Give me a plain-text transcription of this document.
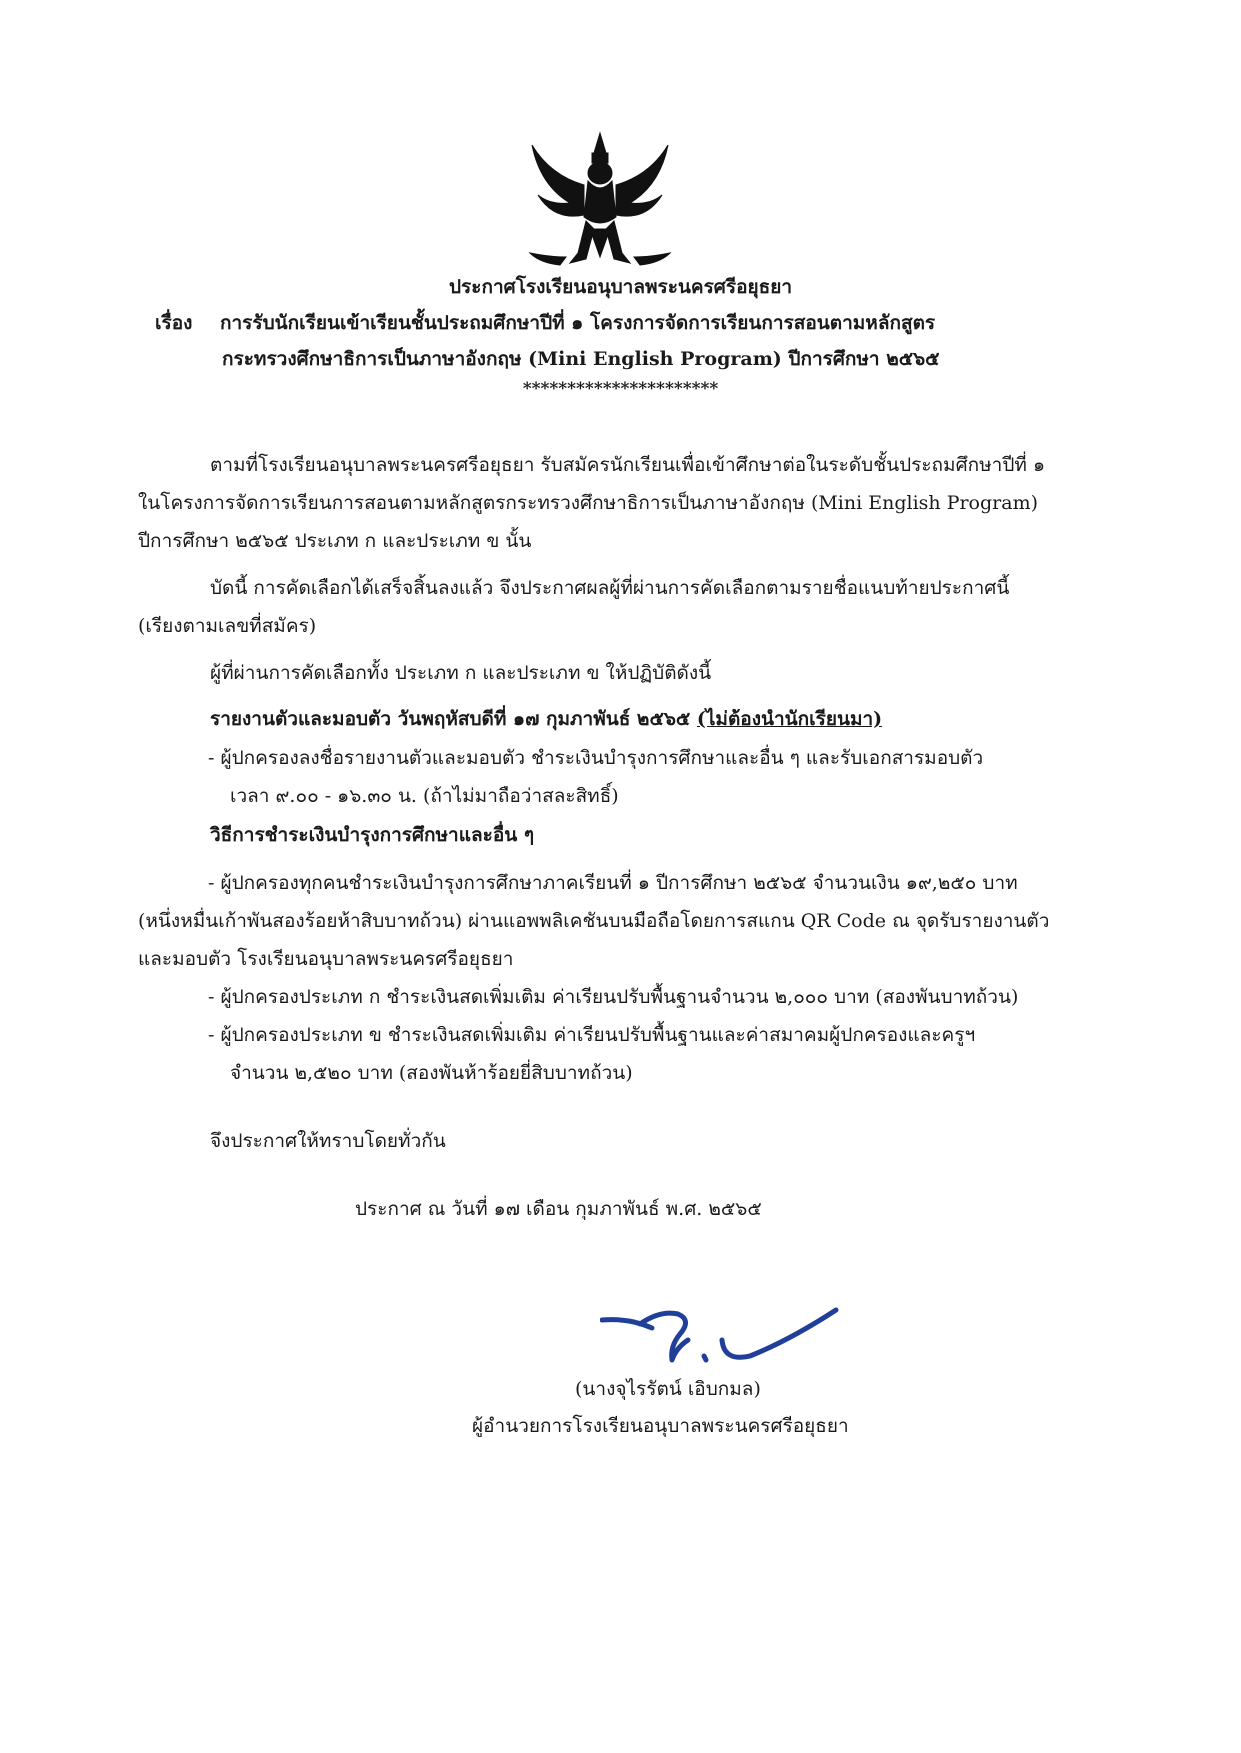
ประกาศโรงเรียนอนุบาลพระนครศรีอยุธยา
เรื่อง การรับนักเรียนเข้าเรียนชั้นประถมศึกษาปีที่ ๑ โครงการจัดการเรียนการสอนตามหลักสูตร
กระทรวงศึกษาธิการเป็นภาษาอังกฤษ (Mini English Program) ปีการศึกษา ๒๕๖๕
**********************
ตามที่โรงเรียนอนุบาลพระนครศรีอยุธยา รับสมัครนักเรียนเพื่อเข้าศึกษาต่อในระดับชั้นประถมศึกษาปีที่ ๑
ในโครงการจัดการเรียนการสอนตามหลักสูตรกระทรวงศึกษาธิการเป็นภาษาอังกฤษ (Mini English Program)
ปีการศึกษา ๒๕๖๕ ประเภท ก และประเภท ข นั้น
บัดนี้ การคัดเลือกได้เสร็จสิ้นลงแล้ว จึงประกาศผลผู้ที่ผ่านการคัดเลือกตามรายชื่อแนบท้ายประกาศนี้
(เรียงตามเลขที่สมัคร)
ผู้ที่ผ่านการคัดเลือกทั้ง ประเภท ก และประเภท ข ให้ปฏิบัติดังนี้
รายงานตัวและมอบตัว วันพฤหัสบดีที่ ๑๗ กุมภาพันธ์ ๒๕๖๕ (ไม่ต้องนำนักเรียนมา)
- ผู้ปกครองลงชื่อรายงานตัวและมอบตัว ชำระเงินบำรุงการศึกษาและอื่น ๆ และรับเอกสารมอบตัว
เวลา ๙.๐๐ - ๑๖.๓๐ น. (ถ้าไม่มาถือว่าสละสิทธิ์)
วิธีการชำระเงินบำรุงการศึกษาและอื่น ๆ
- ผู้ปกครองทุกคนชำระเงินบำรุงการศึกษาภาคเรียนที่ ๑ ปีการศึกษา ๒๕๖๕ จำนวนเงิน ๑๙,๒๕๐ บาท
(หนึ่งหมื่นเก้าพันสองร้อยห้าสิบบาทถ้วน) ผ่านแอพพลิเคชันบนมือถือโดยการสแกน QR Code ณ จุดรับรายงานตัว
และมอบตัว โรงเรียนอนุบาลพระนครศรีอยุธยา
- ผู้ปกครองประเภท ก ชำระเงินสดเพิ่มเติม ค่าเรียนปรับพื้นฐานจำนวน ๒,๐๐๐ บาท (สองพันบาทถ้วน)
- ผู้ปกครองประเภท ข ชำระเงินสดเพิ่มเติม ค่าเรียนปรับพื้นฐานและค่าสมาคมผู้ปกครองและครูฯ
จำนวน ๒,๕๒๐ บาท (สองพันห้าร้อยยี่สิบบาทถ้วน)
จึงประกาศให้ทราบโดยทั่วกัน
ประกาศ ณ วันที่ ๑๗ เดือน กุมภาพันธ์ พ.ศ. ๒๕๖๕
(นางจุไรรัตน์ เอิบกมล)
ผู้อำนวยการโรงเรียนอนุบาลพระนครศรีอยุธยา
